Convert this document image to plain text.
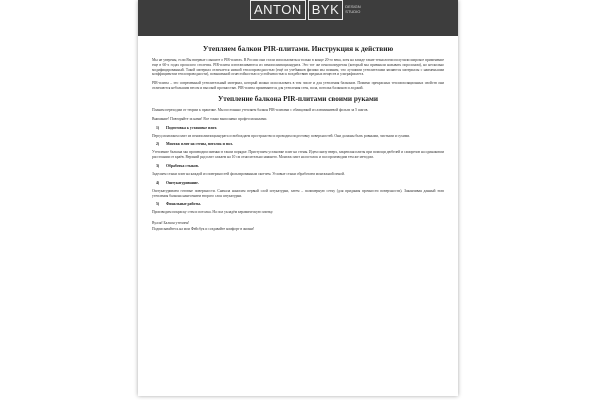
ANTON BYK	DESIGN
STUDIO
Утепляем балкон PIR-плитами. Инструкция к действию

Мы не уверены, если Вы впервые слышите о PIR-плитах. В России они стали использоваться только в конце 20-го века, хотя на западе такие технологии получили широкое применение еще в 60-х годах прошлого столетия. PIR-плиты изготавливаются из пенополиизоцианурата. Это тот же пенополиуретан (который мы привыкли называть поролоном), но несколько модифицированный. Такой материал отличается низкой теплопроводностью (ещё из учебников физики мы помним, что лучшими утеплителями являются материалы с наименьшим коэффициентом теплопроводности), повышенной огнестойкостью и устойчивостью к воздействию вредных веществ и ультрафиолета.

PIR-плиты – это современный утеплительный материал, который можно использовать в том числе и для утепления балконов. Помимо прекрасных теплоизоляционных свойств они отличаются небольшим весом и высокой прочностью. PIR-плиты применяются для утепления стен, пола, потолка балконов и лоджий.

Утепление балкона PIR-плитами своими руками

Планим переходим от теории к практике. Мы постоянно утепляем балкон PIR-плитами с облицовкой из алюминиевой фольги за 5 шагов.

Внимание! Повторяйте за нами! Все тонко выполнено профессионалами.

1) Подготовка к установке плит.

Перед монтажом плит из пенополиизоцианурата освобождаем пространство и проводим подготовку поверхностей. Они должны быть ровными, чистыми и сухими.

2) Монтаж плит на стены, потолок и пол.

Утепление балкона мы производим именно в таком порядке. Приступаем установке плит на стены. Идем снизу вверх, закрепляя плиты при помощи дюбелей и саморезов на одинаковом расстоянии от краёв. Верхний ряд плит сажаем на 10 см относительно нижнего. Монтаж плит на потолок и пол производим тем же методом.

3) Обработка стыков.

Заделаем стыки плит на каждой из поверхностей фольгированным скотчем. Угловые стыки обработаем монтажной пеной.

4) Оштукатуривание.

Оштукатуриваем готовые поверхности. Сначала наносим первый слой штукатурки, затем – полимерную сетку (для придания прочности поверхности). Заканчивая данный этап утепления балкона нанесением второго слоя штукатурки.

5) Финальные работы.

Производим покраску стен и потолка. На пол укладём керамическую плитку.

Вуаля! Балкон утеплен!

Подписывайтесь на мои Фейсбук и создавайте комфорт в жизни!
